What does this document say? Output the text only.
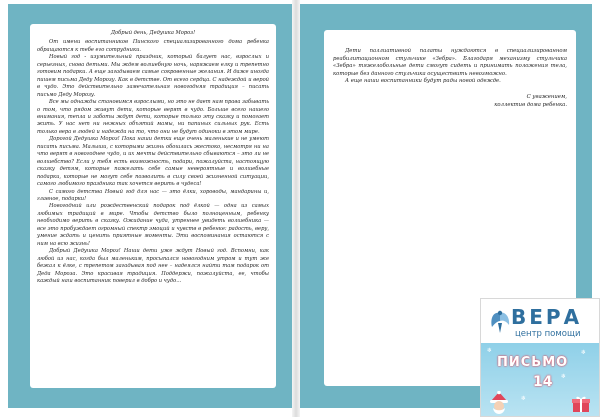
Добрый день, Дедушка Мороз!

От имени воспитанников Пинского специализированного дома ребенка обращаются к тебе его сотрудники.

Новый год - изумительный праздник, который балует нас, взрослых и серьезных, снова детьми. Мы ждем волшебную ночь, наряжаем елку и трепетно готовим подарки. А еще загадываем самые сокровенные желания. И даже иногда пишем письма Деду Морозу. Как в детстве. От всего сердца. С надеждой и верой в чудо. Это действительно замечательная новогодняя традиция – писать письмо Деду Морозу.

Все мы однажды становимся взрослыми, но это не дает нам права забывать о том, что рядом живут дети, которые верят в чудо. Больше всего нашего внимания, тепла и заботы ждут дети, которые только эту сказку и помогает жить. У нас нет ни нежных объятий мамы, ни папиных сильных рук. Есть только вера в людей и надежда на то, что они не будут одиноки в этом мире.

Дорогой Дедушка Мороз! Пока наши детки еще очень маленькие и не умеют писать письма. Малыши, с которыми жизнь обошлась жестоко, несмотря ни на что верят в новогоднее чудо, и их мечты действительно сбываются – это ли не волшебство? Если у тебя есть возможность, подари, пожалуйста, настоящую сказку детям, которые пожелать себе самые невероятные и волшебные подарки, которые не могут себе позволить в силу своей жизненной ситуации, самого любимого праздника так хочется верить в чудеса!

С самого детства Новый год для нас — это ёлки, хороводы, мандарины и, главное, подарки!

Новогодний или рождественский подарок под ёлкой — одна из самых любимых традиций в мире. Чтобы детство было полноценным, ребенку необходимо верить в сказку. Ожидание чуда, утреннее увидеть волшебника — все это пробуждает огромный спектр эмоций и чувств в ребенке: радость, веру, умение ждать и ценить приятные моменты. Эти воспоминания остаются с ним на всю жизнь!

Добрый Дедушка Мороз! Наши дети уже ждут Новый год. Вспомни, как любой из нас, когда был маленьким, просыпался новогодним утром и тут же бежал к ёлке, с трепетом загадывая под нее – надеялся найти там подарок от Деда Мороза. Это красивая традиция. Поддержи, пожалуйста, ее, чтобы каждый наш воспитанник поверил в добро и чудо…

Дети паллиативной палаты нуждаются в специализированном реабилитационном стульчике «Зебра». Благодаря механизму стульчика «Зебра» тяжелобольные дети смогут сидеть и принимать положения тела, которые без данного стульчика осуществить невозможно.

А еще наши воспитанники будут рады новой одежде.

С уважением,

коллектив дома ребенка.

ВЕРА
центр помощи
❄	❄
❄
❄
ПИСЬМО
14
